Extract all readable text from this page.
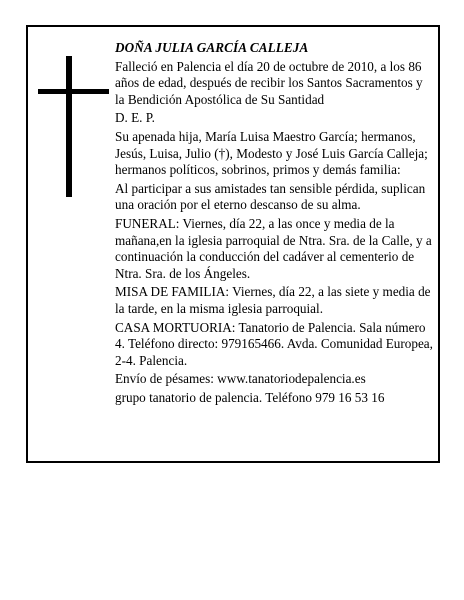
DOÑA JULIA GARCÍA CALLEJA

Falleció en Palencia el día 20 de octubre de 2010, a los 86 años de edad, después de recibir los Santos Sacramentos y la Bendición Apostólica de Su Santidad

D. E. P.

Su apenada hija, María Luisa Maestro García; hermanos, Jesús, Luisa, Julio (†), Modesto y José Luis García Calleja; hermanos políticos, sobrinos, primos y demás familia:

Al participar a sus amistades tan sensible pérdida, suplican una oración por el eterno descanso de su alma.

FUNERAL: Viernes, día 22, a las once y media de la mañana,en la iglesia parroquial de Ntra. Sra. de la Calle, y a continuación la conducción del cadáver al cementerio de Ntra. Sra. de los Ángeles.

MISA DE FAMILIA: Viernes, día 22, a las siete y media de la tarde, en la misma iglesia parroquial.

CASA MORTUORIA: Tanatorio de Palencia. Sala número 4. Teléfono directo: 979165466. Avda. Comunidad Europea, 2-4. Palencia.

Envío de pésames: www.tanatoriodepalencia.es

grupo tanatorio de palencia. Teléfono 979 16 53 16
